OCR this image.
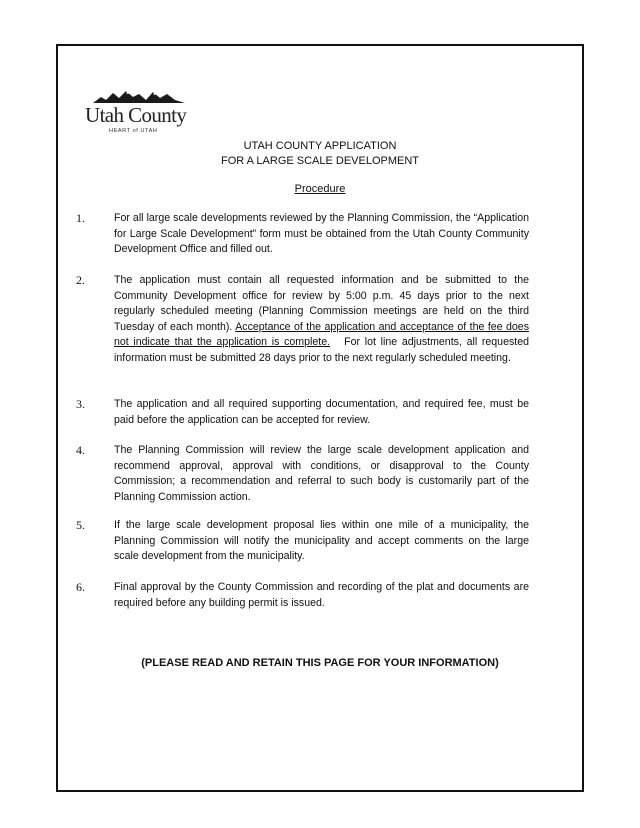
Utah County
HEART of UTAH
UTAH COUNTY APPLICATION
FOR A LARGE SCALE DEVELOPMENT
Procedure
1.	For all large scale developments reviewed by the Planning Commission, the “Application for Large Scale Development” form must be obtained from the Utah County Community Development Office and filled out.

2.	The application must contain all requested information and be submitted to the Community Development office for review by 5:00 p.m. 45 days prior to the next regularly scheduled meeting (Planning Commission meetings are held on the third Tuesday of each month). Acceptance of the application and acceptance of the fee does not indicate that the application is complete. For lot line adjustments, all requested information must be submitted 28 days prior to the next regularly scheduled meeting.

3.	The application and all required supporting documentation, and required fee, must be paid before the application can be accepted for review.

4.	The Planning Commission will review the large scale development application and recommend approval, approval with conditions, or disapproval to the County Commission; a recommendation and referral to such body is customarily part of the Planning Commission action.

5.	If the large scale development proposal lies within one mile of a municipality, the Planning Commission will notify the municipality and accept comments on the large scale development from the municipality.

6.	Final approval by the County Commission and recording of the plat and documents are required before any building permit is issued.

(PLEASE READ AND RETAIN THIS PAGE FOR YOUR INFORMATION)
